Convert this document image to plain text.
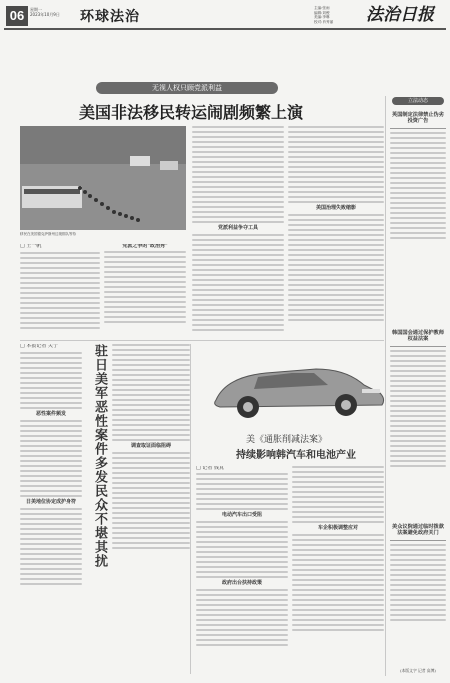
06	星期一
2023年10月9日 环球法治
主编:张雨
编辑:刘俊
美编:李琳
校对:肖秀丽	法治日报
无视人权只顾党派利益
美国非法移民转运闹剧频繁上演
移民在美国德克萨斯州边境排队等待
□ 王一帆	党派之争的"政治秀"
党派利益争夺工具
美国治理失败缩影
□ 本报记者 关宁
恶性案件频发
日美地位协定成护身符	驻日美军恶性案件多发民众不堪其扰	调查取证面临阻碍
美《通胀削减法案》
持续影响韩汽车和电池产业
□ 记者 钱真
电动汽车出口受阻
政府出台扶持政策
车企积极调整应对
立法动态
英国制定法律禁止伪劣投资广告
韩国国会通过保护教师权益法案
美众议院通过临时拨款法案避免政府关门
(本版文字 记者 高博)
